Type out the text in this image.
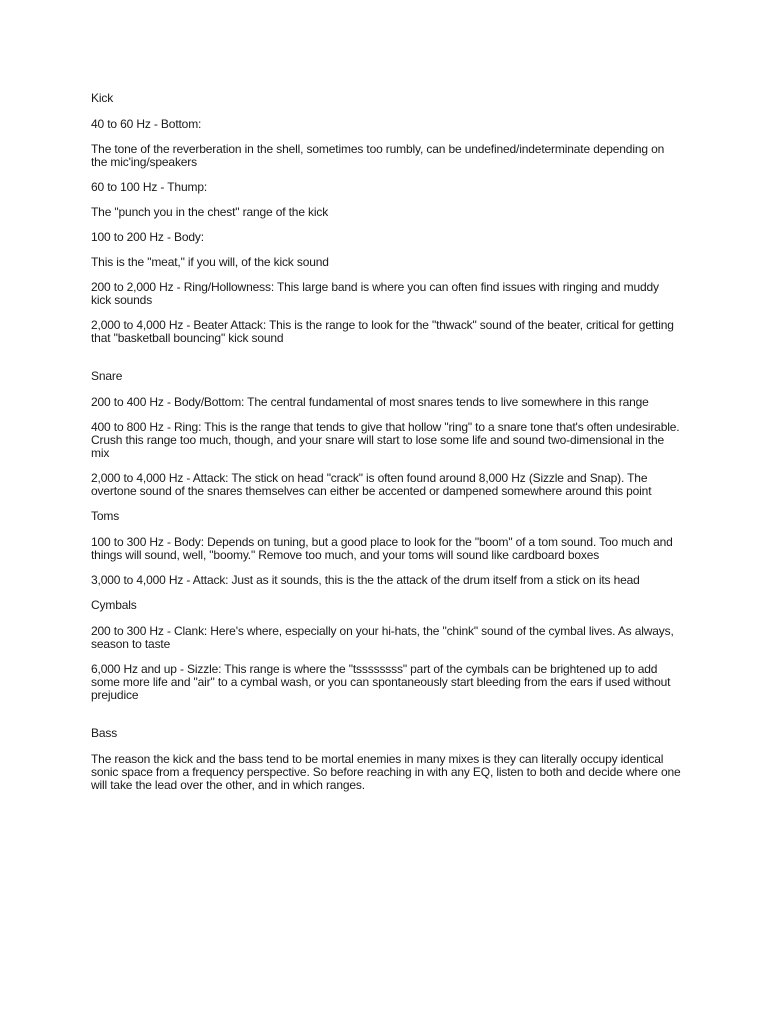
Kick

40 to 60 Hz - Bottom:

The tone of the reverberation in the shell, sometimes too rumbly, can be undefined/indeterminate depending on the mic'ing/speakers

60 to 100 Hz - Thump:

The "punch you in the chest" range of the kick

100 to 200 Hz - Body:

This is the "meat," if you will, of the kick sound

200 to 2,000 Hz - Ring/Hollowness: This large band is where you can often find issues with ringing and muddy kick sounds

2,000 to 4,000 Hz - Beater Attack: This is the range to look for the "thwack" sound of the beater, critical for getting that "basketball bouncing" kick sound

Snare

200 to 400 Hz - Body/Bottom: The central fundamental of most snares tends to live somewhere in this range

400 to 800 Hz - Ring: This is the range that tends to give that hollow "ring" to a snare tone that's often undesirable. Crush this range too much, though, and your snare will start to lose some life and sound two-dimensional in the mix

2,000 to 4,000 Hz - Attack: The stick on head "crack" is often found around 8,000 Hz (Sizzle and Snap). The overtone sound of the snares themselves can either be accented or dampened somewhere around this point

Toms

100 to 300 Hz - Body: Depends on tuning, but a good place to look for the "boom" of a tom sound. Too much and things will sound, well, "boomy." Remove too much, and your toms will sound like cardboard boxes

3,000 to 4,000 Hz - Attack: Just as it sounds, this is the the attack of the drum itself from a stick on its head

Cymbals

200 to 300 Hz - Clank: Here's where, especially on your hi-hats, the "chink" sound of the cymbal lives. As always, season to taste

6,000 Hz and up - Sizzle: This range is where the "tssssssss" part of the cymbals can be brightened up to add some more life and "air" to a cymbal wash, or you can spontaneously start bleeding from the ears if used without prejudice

Bass

The reason the kick and the bass tend to be mortal enemies in many mixes is they can literally occupy identical sonic space from a frequency perspective. So before reaching in with any EQ, listen to both and decide where one will take the lead over the other, and in which ranges.
